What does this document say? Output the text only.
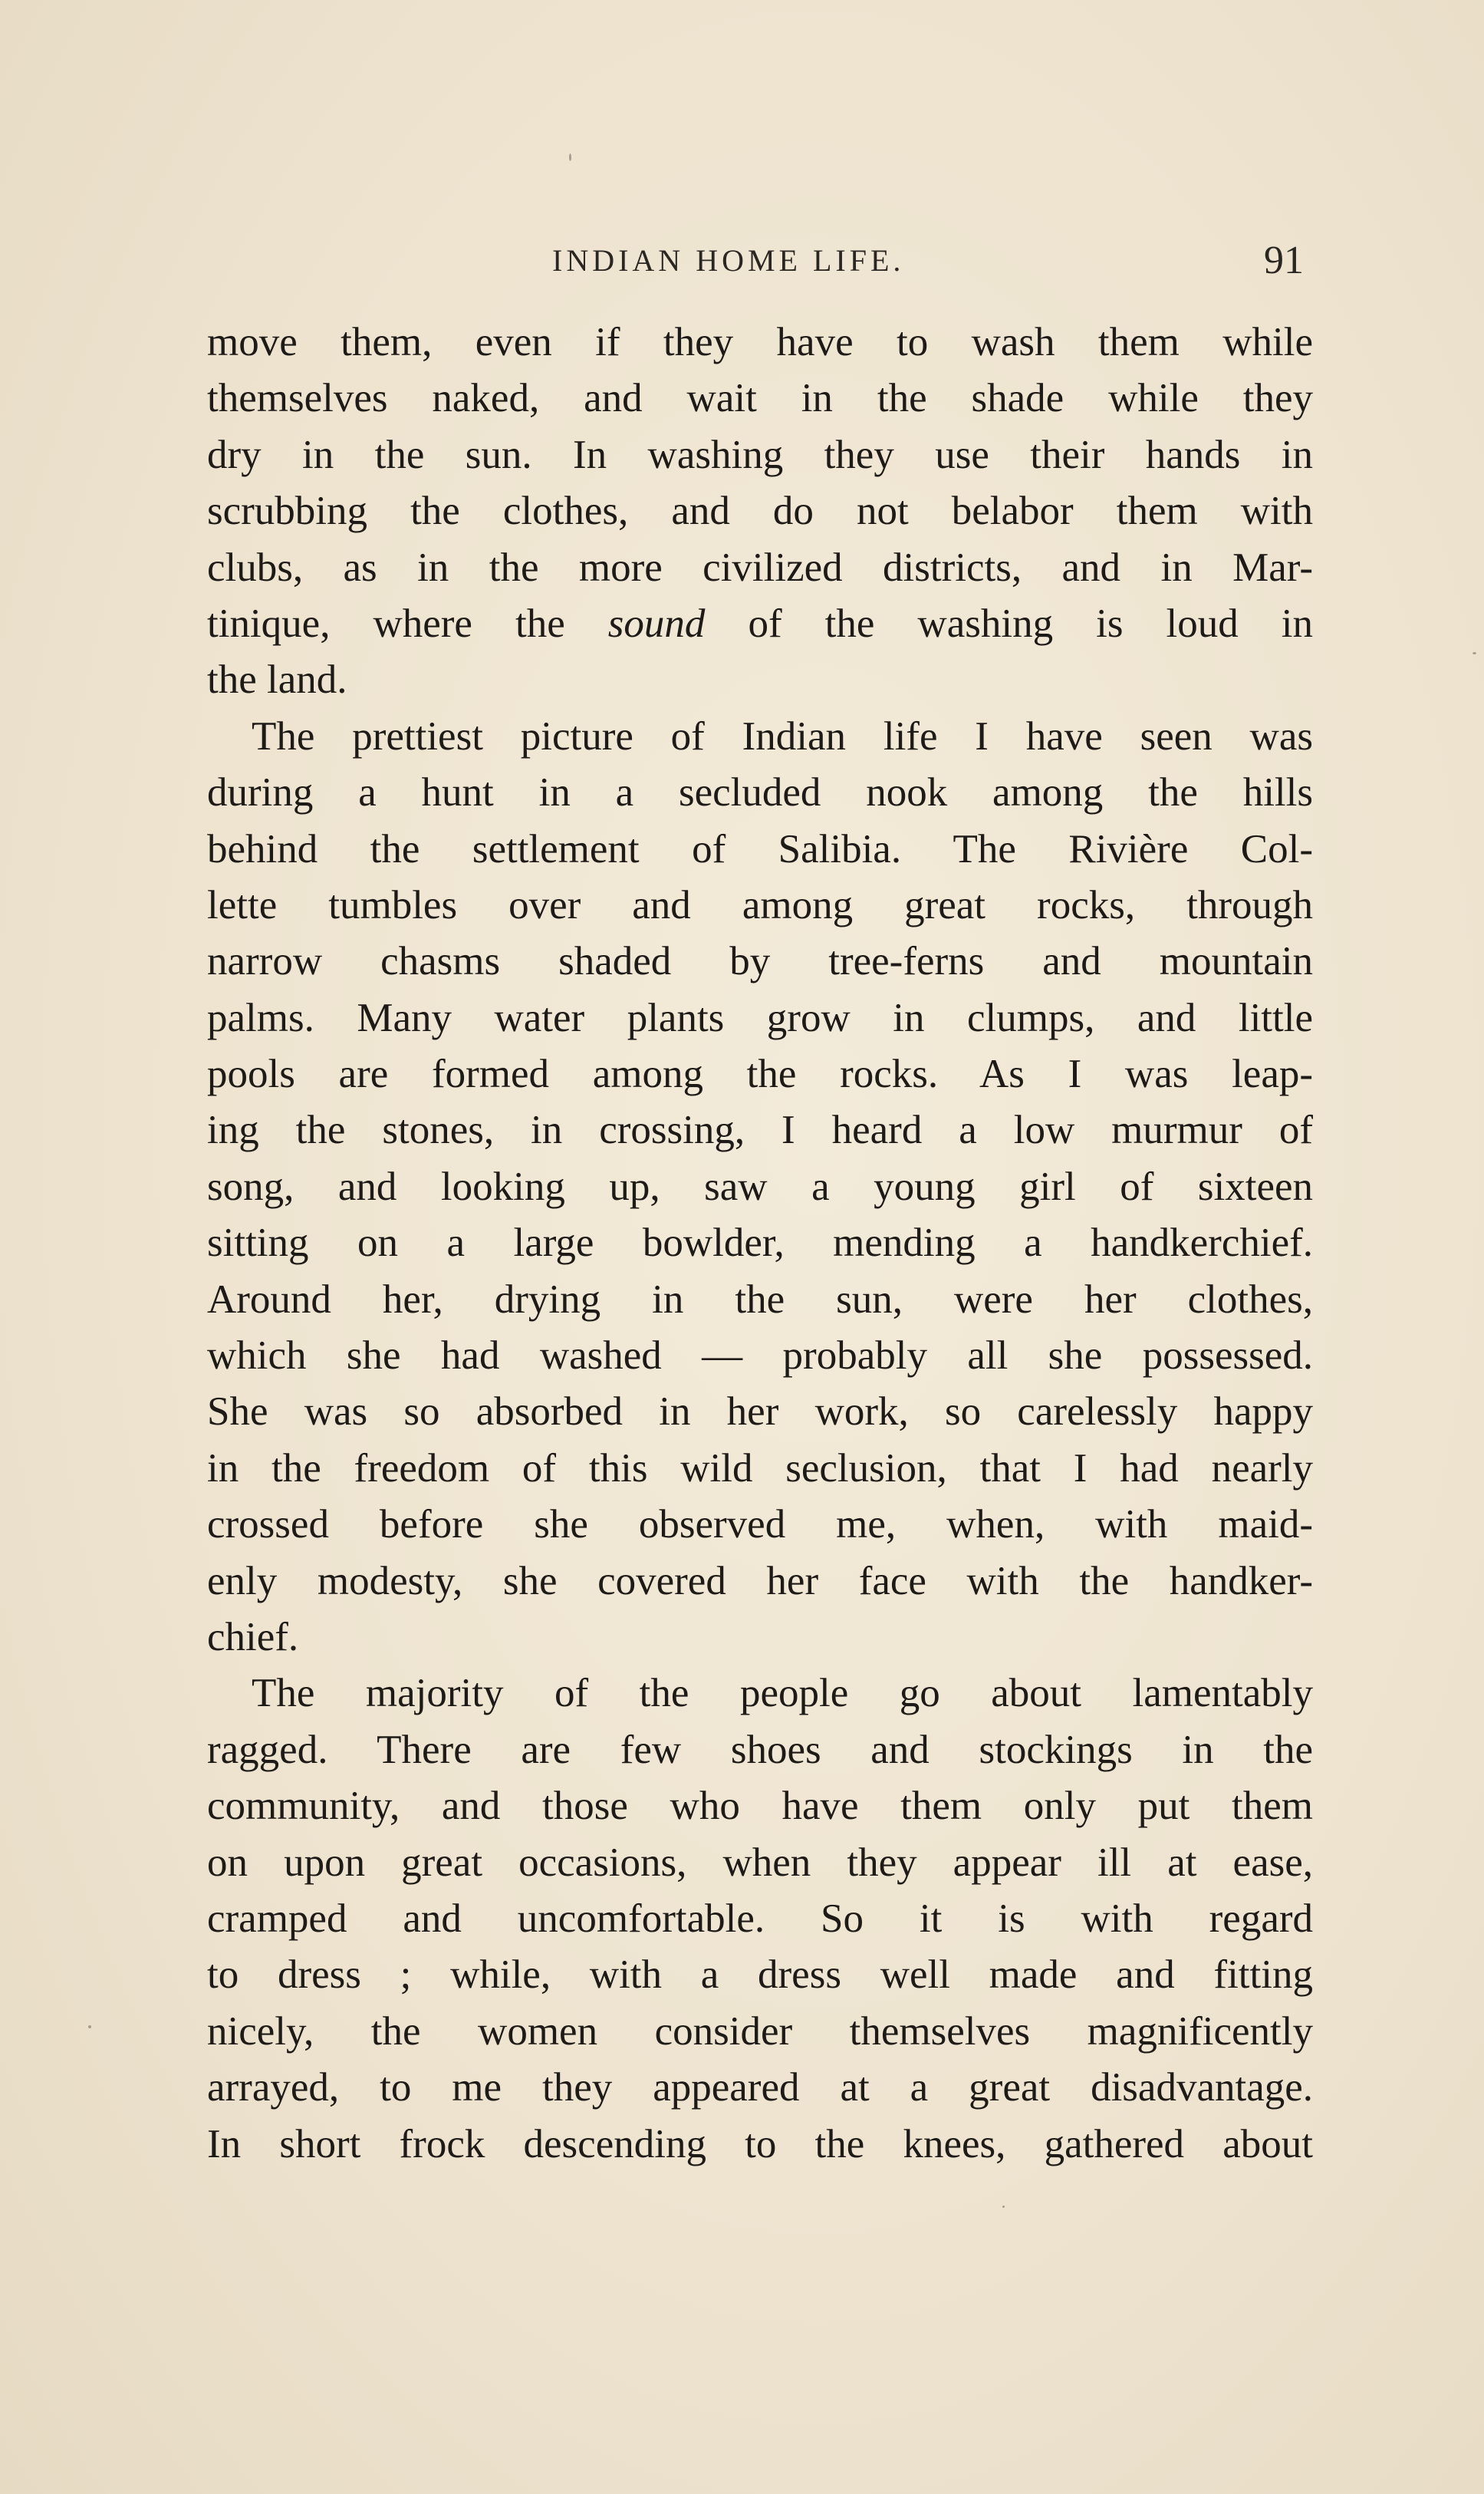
INDIAN HOME LIFE.	91
move them, even if they have to wash them while
themselves naked, and wait in the shade while they
dry in the sun. In washing they use their hands in
scrubbing the clothes, and do not belabor them with
clubs, as in the more civilized districts, and in Mar-
tinique, where the sound of the washing is loud in
the land.
The prettiest picture of Indian life I have seen was
during a hunt in a secluded nook among the hills
behind the settlement of Salibia. The Rivière Col-
lette tumbles over and among great rocks, through
narrow chasms shaded by tree-ferns and mountain
palms. Many water plants grow in clumps, and little
pools are formed among the rocks. As I was leap-
ing the stones, in crossing, I heard a low murmur of
song, and looking up, saw a young girl of sixteen
sitting on a large bowlder, mending a handkerchief.
Around her, drying in the sun, were her clothes,
which she had washed — probably all she possessed.
She was so absorbed in her work, so carelessly happy
in the freedom of this wild seclusion, that I had nearly
crossed before she observed me, when, with maid-
enly modesty, she covered her face with the handker-
chief.
The majority of the people go about lamentably
ragged. There are few shoes and stockings in the
community, and those who have them only put them
on upon great occasions, when they appear ill at ease,
cramped and uncomfortable. So it is with regard
to dress ; while, with a dress well made and fitting
nicely, the women consider themselves magnificently
arrayed, to me they appeared at a great disadvantage.
In short frock descending to the knees, gathered about
